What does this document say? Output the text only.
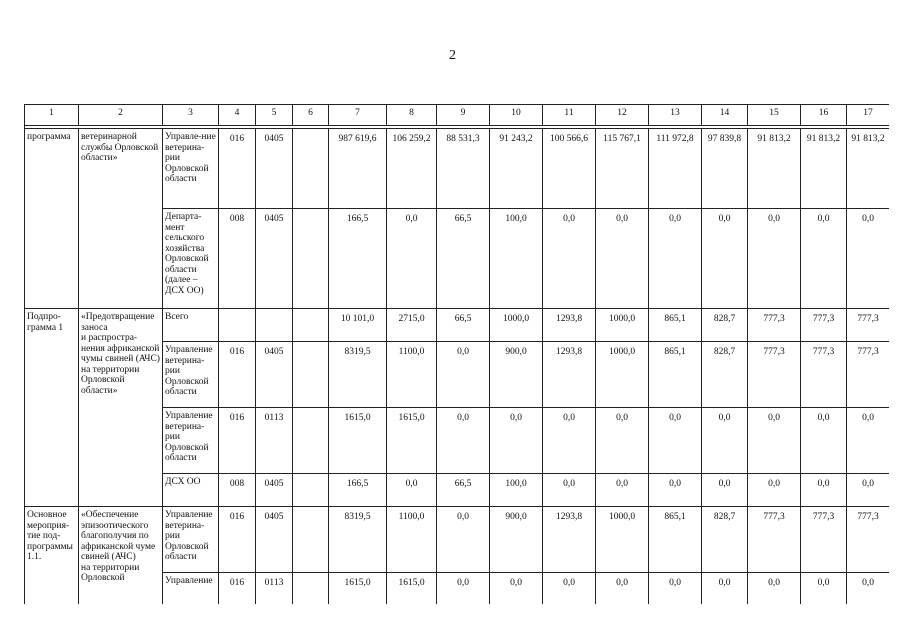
2
1	2	3	4	5	6	7	8	9	10	11	12	13	14	15	16	17

программа	ветеринарной службы Орловской области»	Управле-ние ветерина-рии Орловской области	016	0405		987 619,6	106 259,2	88 531,3	91 243,2	100 566,6	115 767,1	111 972,8	97 839,8	91 813,2	91 813,2	91 813,2
		Департа-мент сельского хозяйства Орловской области (далее – ДСХ ОО)	008	0405		166,5	0,0	66,5	100,0	0,0	0,0	0,0	0,0	0,0	0,0	0,0
Подпро-грамма 1	«Предотвращение заноса
и распростра-нения африканской чумы свиней (АЧС)
на территории Орловской области»	Всего				10 101,0	2715,0	66,5	1000,0	1293,8	1000,0	865,1	828,7	777,3	777,3	777,3
		Управление ветерина-рии Орловской области	016	0405		8319,5	1100,0	0,0	900,0	1293,8	1000,0	865,1	828,7	777,3	777,3	777,3
		Управление ветерина-рии Орловской области	016	0113		1615,0	1615,0	0,0	0,0	0,0	0,0	0,0	0,0	0,0	0,0	0,0
		ДСХ ОО	008	0405		166,5	0,0	66,5	100,0	0,0	0,0	0,0	0,0	0,0	0,0	0,0
Основное мероприя-тие под-программы 1.1.	«Обеспечение эпизоотического благополучия по африканской чуме свиней (АЧС)
на территории Орловской	Управление ветерина-рии Орловской области	016	0405		8319,5	1100,0	0,0	900,0	1293,8	1000,0	865,1	828,7	777,3	777,3	777,3
		Управление	016	0113		1615,0	1615,0	0,0	0,0	0,0	0,0	0,0	0,0	0,0	0,0	0,0
